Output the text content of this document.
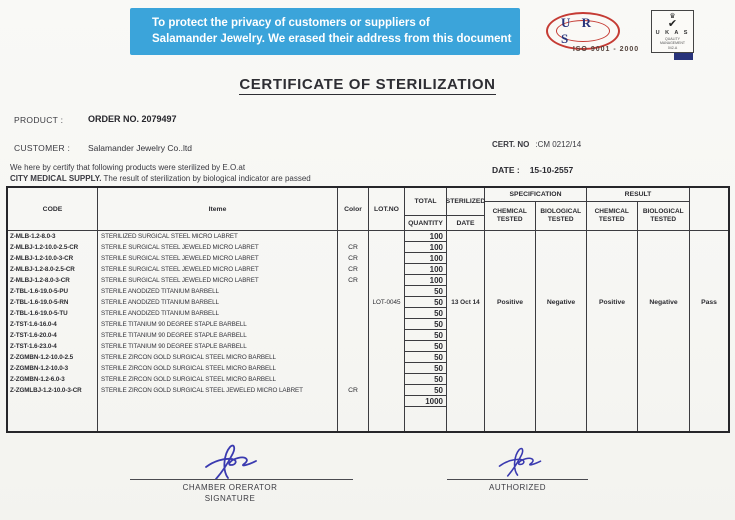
To protect the privacy of customers or suppliers of
Salamander Jewelry. We erased their address from this document
U R S
ISO 9001 - 2000
♛
✔
U K A S
QUALITY
MANAGEMENT
042-A
CERTIFICATE OF STERILIZATION
PRODUCT :	ORDER NO. 2079497
CUSTOMER : Salamander Jewelry Co..ltd	CERT. NO :CM 0212/14
DATE : 15-10-2557
We here by certify that following products were sterilized by E.O.at
CITY MEDICAL SUPPLY. The result of sterilization by biological indicator are passed
CODE	Iteme	Color	LOT.NO
TOTAL
QUANTITY
STERILIZED
DATE
SPECIFICATION
CHEMICAL
TESTED
BIOLOGICAL
TESTED
RESULT
CHEMICAL
TESTED
BIOLOGICAL
TESTED
Z-MLB-1.2-8.0-3	STERILIZED SURGICAL STEEL MICRO LABRET	100
Z-MLBJ-1.2-10.0-2.5-CR	STERILE SURGICAL STEEL JEWELED MICRO LABRET	CR	100
Z-MLBJ-1.2-10.0-3-CR	STERILE SURGICAL STEEL JEWELED MICRO LABRET	CR	100
Z-MLBJ-1.2-8.0-2.5-CR	STERILE SURGICAL STEEL JEWELED MICRO LABRET	CR	100
Z-MLBJ-1.2-8.0-3-CR	STERILE SURGICAL STEEL JEWELED MICRO LABRET	CR	100
Z-TBL-1.6-19.0-5-PU	STERILE ANODIZED TITANIUM BARBELL	50
Z-TBL-1.6-19.0-5-RN	STERILE ANODIZED TITANIUM BARBELL	LOT-0045	50	13 Oct 14	Positive	Negative	Positive	Negative	Pass
Z-TBL-1.6-19.0-5-TU	STERILE ANODIZED TITANIUM BARBELL	50
Z-TST-1.6-16.0-4	STERILE TITANIUM 90 DEGREE STAPLE BARBELL	50
Z-TST-1.6-20.0-4	STERILE TITANIUM 90 DEGREE STAPLE BARBELL	50
Z-TST-1.6-23.0-4	STERILE TITANIUM 90 DEGREE STAPLE BARBELL	50
Z-ZGMBN-1.2-10.0-2.5	STERILE ZIRCON GOLD SURGICAL STEEL MICRO BARBELL	50
Z-ZGMBN-1.2-10.0-3	STERILE ZIRCON GOLD SURGICAL STEEL MICRO BARBELL	50
Z-ZGMBN-1.2-6.0-3	STERILE ZIRCON GOLD SURGICAL STEEL MICRO BARBELL	50
Z-ZGMLBJ-1.2-10.0-3-CR	STERILE ZIRCON GOLD SURGICAL STEEL JEWELED MICRO LABRET	CR	50
1000
CHAMBER ORERATOR
SIGNATURE
AUTHORIZED
